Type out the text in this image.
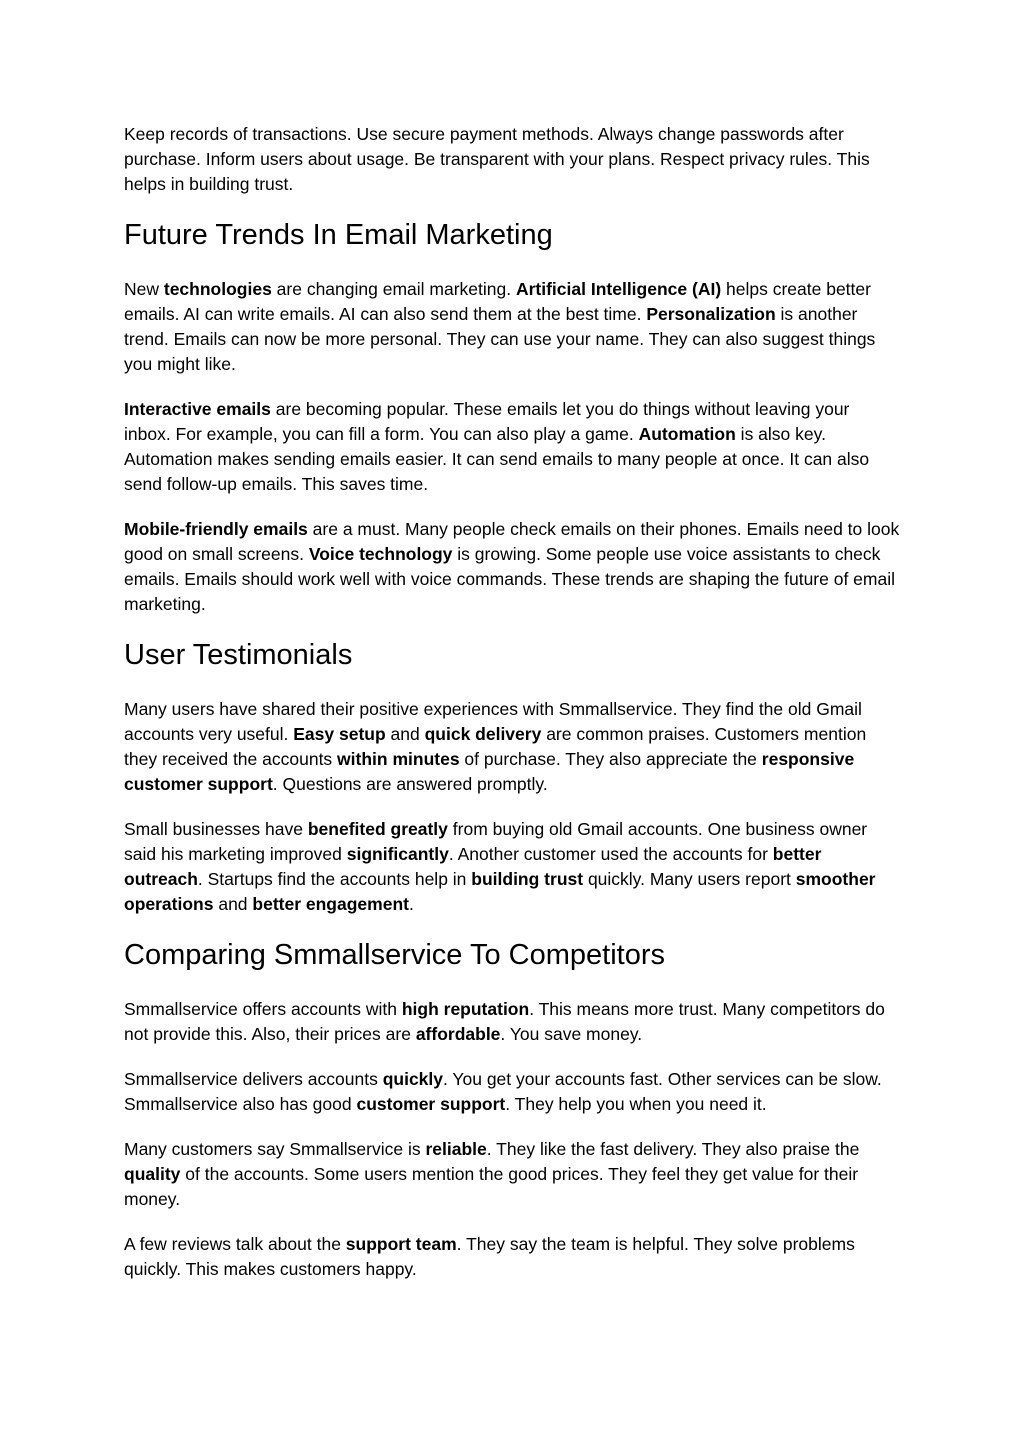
Keep records of transactions. Use secure payment methods. Always change passwords after purchase. Inform users about usage. Be transparent with your plans. Respect privacy rules. This helps in building trust.

Future Trends In Email Marketing

New technologies are changing email marketing. Artificial Intelligence (AI) helps create better emails. AI can write emails. AI can also send them at the best time. Personalization is another trend. Emails can now be more personal. They can use your name. They can also suggest things you might like.

Interactive emails are becoming popular. These emails let you do things without leaving your inbox. For example, you can fill a form. You can also play a game. Automation is also key. Automation makes sending emails easier. It can send emails to many people at once. It can also send follow-up emails. This saves time.

Mobile-friendly emails are a must. Many people check emails on their phones. Emails need to look good on small screens. Voice technology is growing. Some people use voice assistants to check emails. Emails should work well with voice commands. These trends are shaping the future of email marketing.

User Testimonials

Many users have shared their positive experiences with Smmallservice. They find the old Gmail accounts very useful. Easy setup and quick delivery are common praises. Customers mention they received the accounts within minutes of purchase. They also appreciate the responsive customer support. Questions are answered promptly.

Small businesses have benefited greatly from buying old Gmail accounts. One business owner said his marketing improved significantly. Another customer used the accounts for better outreach. Startups find the accounts help in building trust quickly. Many users report smoother operations and better engagement.

Comparing Smmallservice To Competitors

Smmallservice offers accounts with high reputation. This means more trust. Many competitors do not provide this. Also, their prices are affordable. You save money.

Smmallservice delivers accounts quickly. You get your accounts fast. Other services can be slow. Smmallservice also has good customer support. They help you when you need it.

Many customers say Smmallservice is reliable. They like the fast delivery. They also praise the quality of the accounts. Some users mention the good prices. They feel they get value for their money.

A few reviews talk about the support team. They say the team is helpful. They solve problems quickly. This makes customers happy.
